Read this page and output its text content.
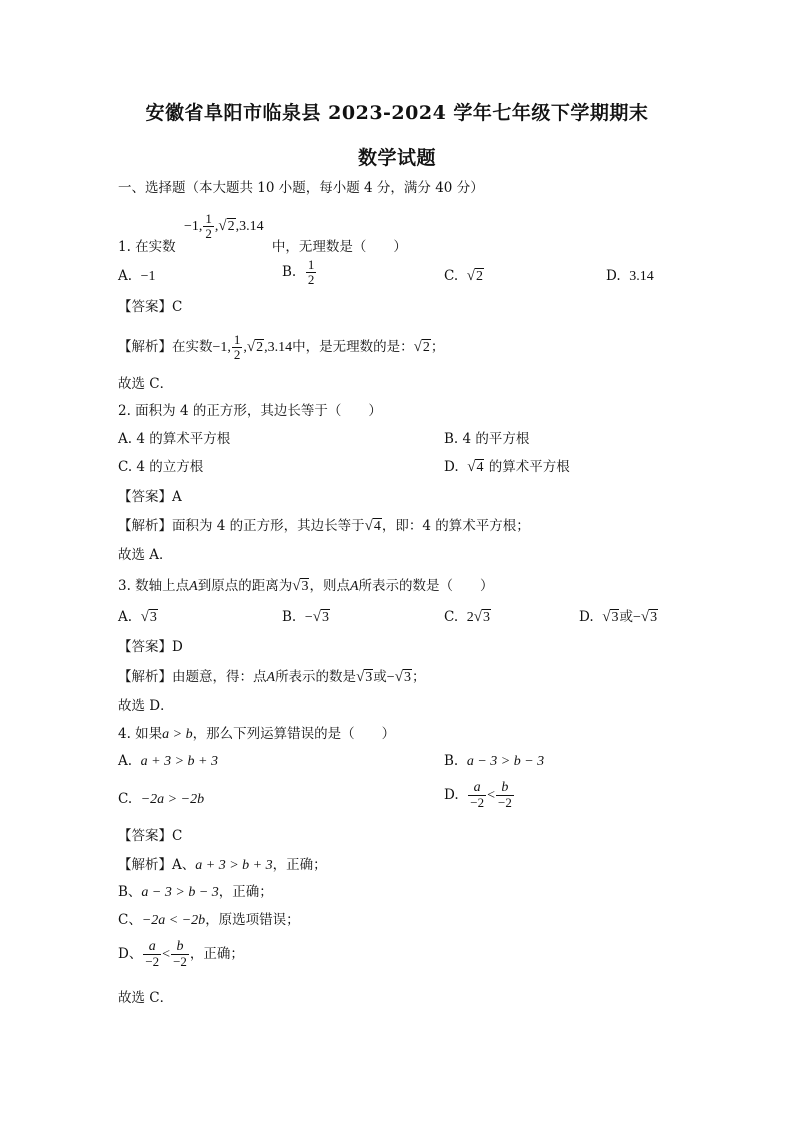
安徽省阜阳市临泉县 2023-2024 学年七年级下学期期末
数学试题
一、选择题（本大题共 10 小题，每小题 4 分，满分 40 分）
1. 在实数 −1, $\frac{1}{2} ,√2,3.14$ 中，无理数是（　　）
A. −1	B. $\frac{1}{2}$	C. √2	D. 3.14
【答案】C
【解析】在实数−1, $\frac{1}{2} ,√2,3.14$中，是无理数的是：√2；
故选 C．
2. 面积为 4 的正方形，其边长等于（　　）
A. 4 的算术平方根	B. 4 的平方根
C. 4 的立方根	D. √4 的算术平方根
【答案】A
【解析】面积为 4 的正方形，其边长等于√4，即：4 的算术平方根；
故选 A．
3. 数轴上点A到原点的距离为√3，则点A所表示的数是（　　）
A. √3	B. −√3	C. 2√3	D. √3或−√3
【答案】D
【解析】由题意，得：点A所表示的数是√3或−√3；
故选 D．
4. 如果a > b，那么下列运算错误的是（　　）
A. a + 3 > b + 3	B. a − 3 > b − 3
C. −2a > −2b	D. $\frac{a}{-2} < \frac{b}{-2}$
【答案】C
【解析】A、a + 3 > b + 3，正确；
B、a − 3 > b − 3，正确；
C、−2a < −2b，原选项错误；
D、 $\frac{a}{-2} < \frac{b}{-2}$ ，正确；
故选 C．
